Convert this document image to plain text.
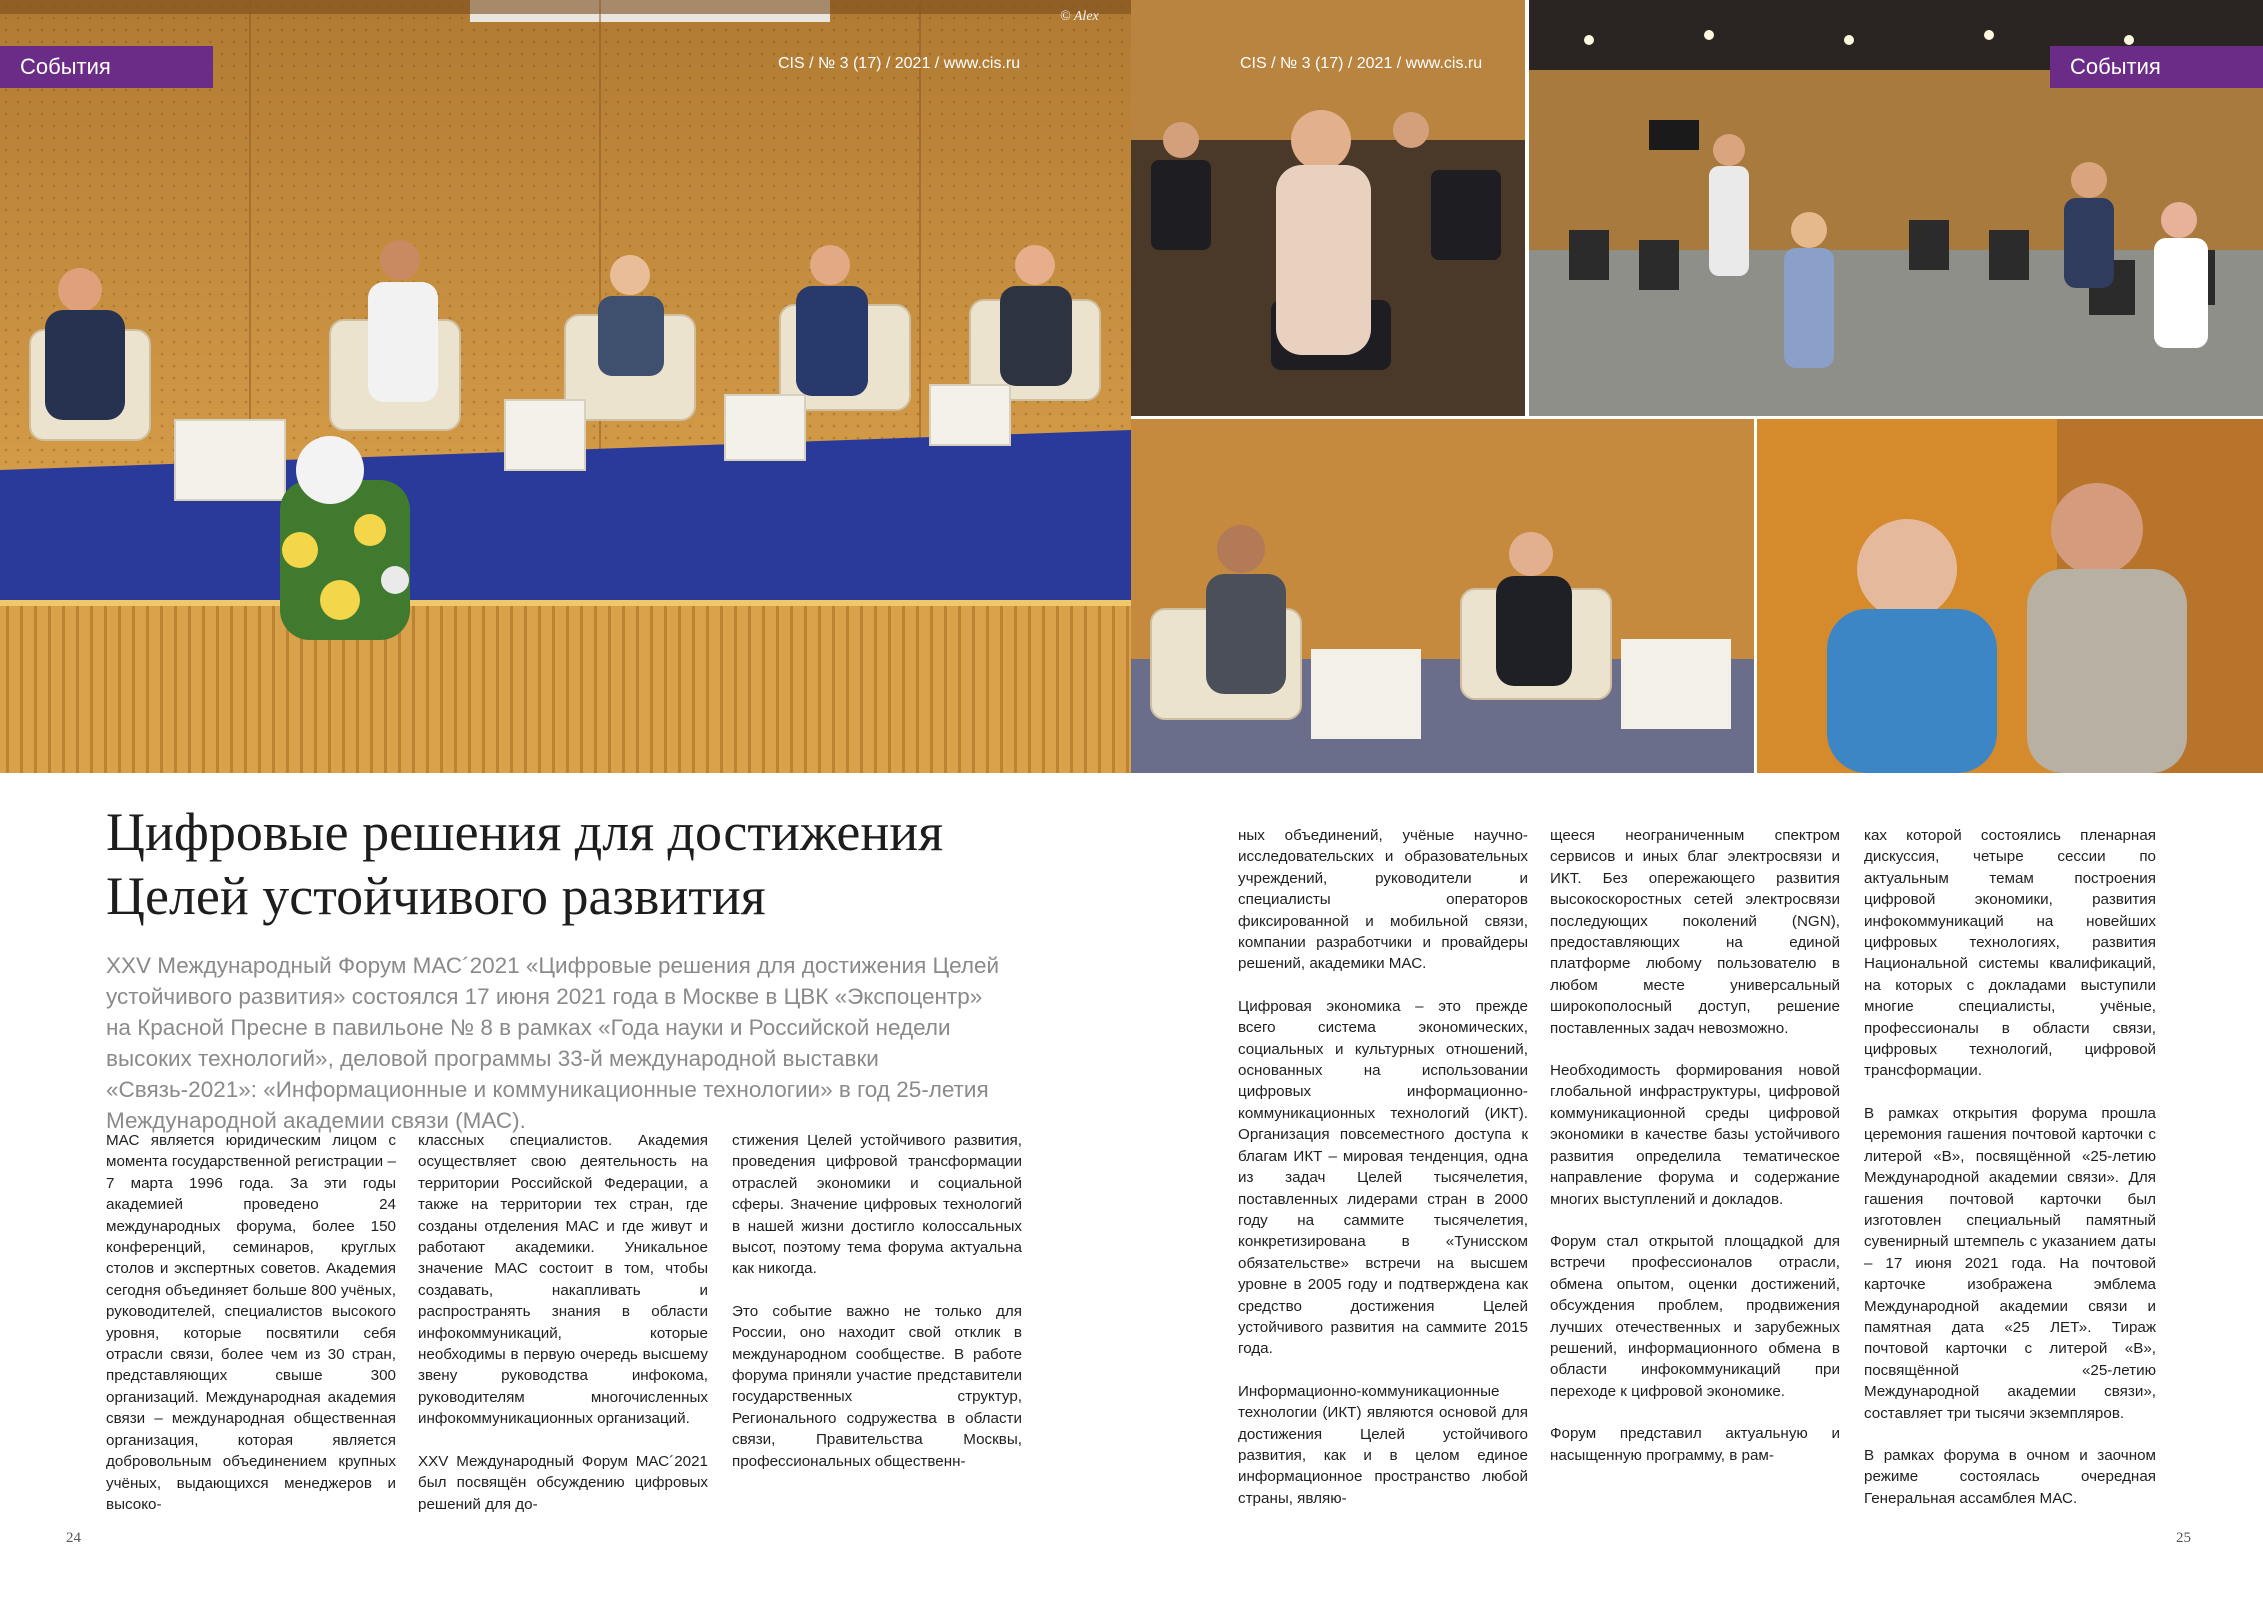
© Alex
События	CIS / № 3 (17) / 2021 / www.cis.ru	CIS / № 3 (17) / 2021 / www.cis.ru	События
Цифровые решения для достижения
Целей устойчивого развития

XXV Международный Форум МАС´2021 «Цифровые решения для достижения Целей устойчивого развития» состоялся 17 июня 2021 года в Москве в ЦВК «Экспоцентр» на Красной Пресне в павильоне № 8 в рамках «Года науки и Российской недели высоких технологий», деловой программы 33-й международной выставки «Связь-2021»: «Информационные и коммуникационные технологии» в год 25-летия Международной академии связи (МАС).

МАС является юридическим лицом с момента государственной регистрации – 7 марта 1996 года. За эти годы академией проведено 24 международных форума, более 150 конференций, семинаров, круглых столов и экспертных советов. Академия сегодня объединяет больше 800 учёных, руководителей, специалистов высокого уровня, которые посвятили себя отрасли связи, более чем из 30 стран, представляющих свыше 300 организаций. Международная академия связи – международная общественная организация, которая является добровольным объединением крупных учёных, выдающихся менеджеров и высоко-

классных специалистов. Академия осуществляет свою деятельность на территории Российской Федерации, а также на территории тех стран, где созданы отделения МАС и где живут и работают академики. Уникальное значение МАС состоит в том, чтобы создавать, накапливать и распространять знания в области инфокоммуникаций, которые необходимы в первую очередь высшему звену руководства инфокома, руководителям многочисленных инфокоммуникационных организаций.

XXV Международный Форум МАС´2021 был посвящён обсуждению цифровых решений для до-

стижения Целей устойчивого развития, проведения цифровой трансформации отраслей экономики и социальной сферы. Значение цифровых технологий в нашей жизни достигло колоссальных высот, поэтому тема форума актуальна как никогда.

Это событие важно не только для России, оно находит свой отклик в международном сообществе. В работе форума приняли участие представители государственных структур, Регионального содружества в области связи, Правительства Москвы, профессиональных общественн-

ных объединений, учёные научно-исследовательских и образовательных учреждений, руководители и специалисты операторов фиксированной и мобильной связи, компании разработчики и провайдеры решений, академики МАС.

Цифровая экономика – это прежде всего система экономических, социальных и культурных отношений, основанных на использовании цифровых информационно-коммуникационных технологий (ИКТ). Организация повсеместного доступа к благам ИКТ – мировая тенденция, одна из задач Целей тысячелетия, поставленных лидерами стран в 2000 году на саммите тысячелетия, конкретизирована в «Тунисском обязательстве» встречи на высшем уровне в 2005 году и подтверждена как средство достижения Целей устойчивого развития на саммите 2015 года.

Информационно-коммуникационные технологии (ИКТ) являются основой для достижения Целей устойчивого развития, как и в целом единое информационное пространство любой страны, являю-

щееся неограниченным спектром сервисов и иных благ электросвязи и ИКТ. Без опережающего развития высокоскоростных сетей электросвязи последующих поколений (NGN), предоставляющих на единой платформе любому пользователю в любом месте универсальный широкополосный доступ, решение поставленных задач невозможно.

Необходимость формирования новой глобальной инфраструктуры, цифровой коммуникационной среды цифровой экономики в качестве базы устойчивого развития определила тематическое направление форума и содержание многих выступлений и докладов.

Форум стал открытой площадкой для встречи профессионалов отрасли, обмена опытом, оценки достижений, обсуждения проблем, продвижения лучших отечественных и зарубежных решений, информационного обмена в области инфокоммуникаций при переходе к цифровой экономике.

Форум представил актуальную и насыщенную программу, в рам-

ках которой состоялись пленарная дискуссия, четыре сессии по актуальным темам построения цифровой экономики, развития инфокоммуникаций на новейших цифровых технологиях, развития Национальной системы квалификаций, на которых с докладами выступили многие специалисты, учёные, профессионалы в области связи, цифровых технологий, цифровой трансформации.

В рамках открытия форума прошла церемония гашения почтовой карточки с литерой «В», посвящённой «25-летию Международной академии связи». Для гашения почтовой карточки был изготовлен специальный памятный сувенирный штемпель с указанием даты – 17 июня 2021 года. На почтовой карточке изображена эмблема Международной академии связи и памятная дата «25 ЛЕТ». Тираж почтовой карточки с литерой «В», посвящённой «25-летию Международной академии связи», составляет три тысячи экземпляров.

В рамках форума в очном и заочном режиме состоялась очередная Генеральная ассамблея МАС.

24	25
